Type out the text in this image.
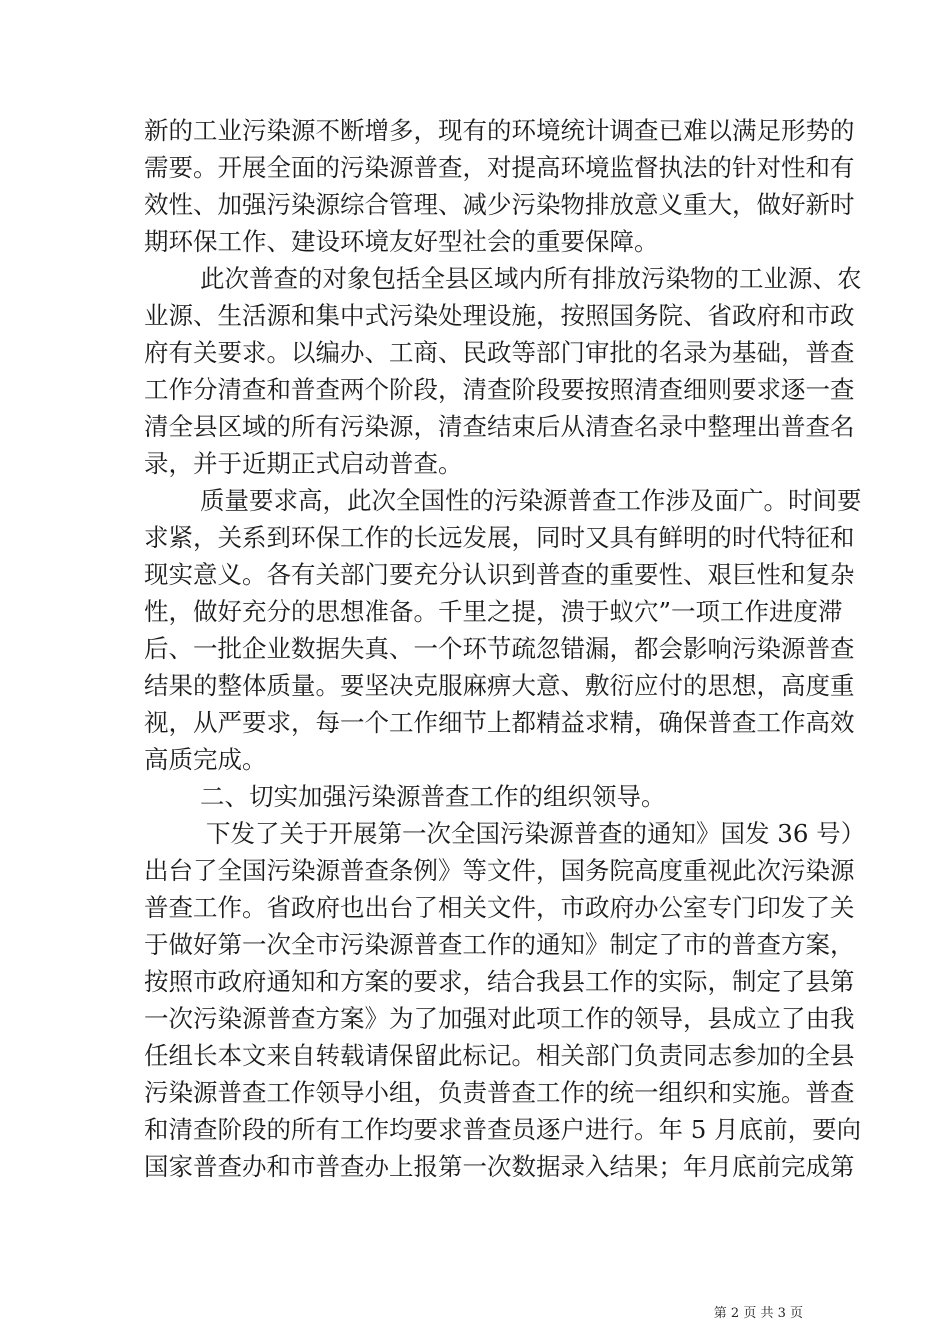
新的工业污染源不断增多，现有的环境统计调查已难以满足形势的
需要。开展全面的污染源普查，对提高环境监督执法的针对性和有
效性、加强污染源综合管理、减少污染物排放意义重大，做好新时
期环保工作、建设环境友好型社会的重要保障。
此次普查的对象包括全县区域内所有排放污染物的工业源、农
业源、生活源和集中式污染处理设施，按照国务院、省政府和市政
府有关要求。以编办、工商、民政等部门审批的名录为基础，普查
工作分清查和普查两个阶段，清查阶段要按照清查细则要求逐一查
清全县区域的所有污染源，清查结束后从清查名录中整理出普查名
录，并于近期正式启动普查。
质量要求高，此次全国性的污染源普查工作涉及面广。时间要
求紧，关系到环保工作的长远发展，同时又具有鲜明的时代特征和
现实意义。各有关部门要充分认识到普查的重要性、艰巨性和复杂
性，做好充分的思想准备。千里之提，溃于蚁穴”一项工作进度滞
后、一批企业数据失真、一个环节疏忽错漏，都会影响污染源普查
结果的整体质量。要坚决克服麻痹大意、敷衍应付的思想，高度重
视，从严要求，每一个工作细节上都精益求精，确保普查工作高效
高质完成。
二、切实加强污染源普查工作的组织领导。
下发了关于开展第一次全国污染源普查的通知》国发 36 号）
出台了全国污染源普查条例》等文件，国务院高度重视此次污染源
普查工作。省政府也出台了相关文件，市政府办公室专门印发了关
于做好第一次全市污染源普查工作的通知》制定了市的普查方案，
按照市政府通知和方案的要求，结合我县工作的实际，制定了县第
一次污染源普查方案》为了加强对此项工作的领导，县成立了由我
任组长本文来自转载请保留此标记。相关部门负责同志参加的全县
污染源普查工作领导小组，负责普查工作的统一组织和实施。普查
和清查阶段的所有工作均要求普查员逐户进行。年 5 月底前，要向
国家普查办和市普查办上报第一次数据录入结果；年月底前完成第
第 2 页 共 3 页
